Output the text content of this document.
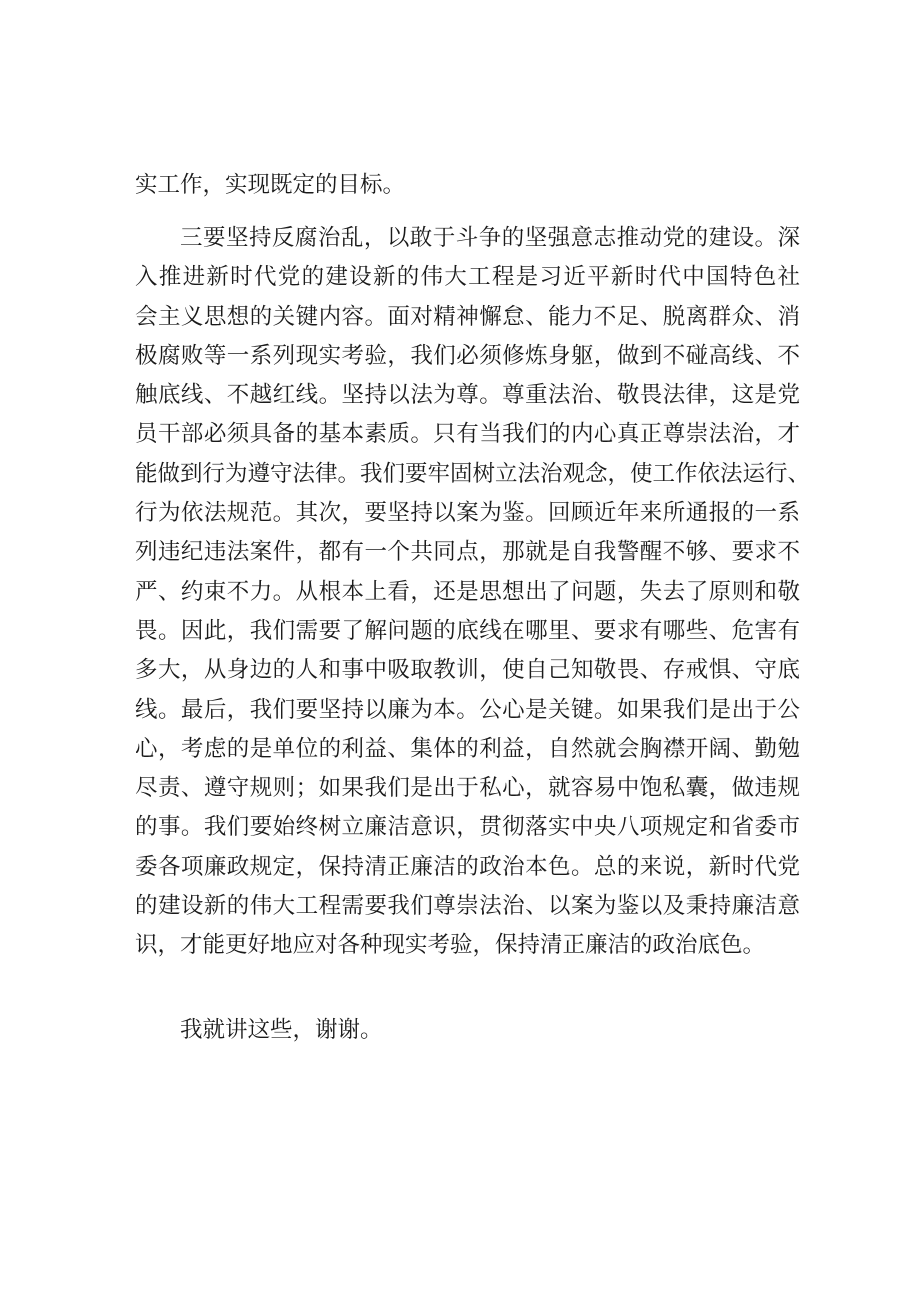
实工作，实现既定的目标。
三要坚持反腐治乱，以敢于斗争的坚强意志推动党的建设。深
入推进新时代党的建设新的伟大工程是习近平新时代中国特色社
会主义思想的关键内容。面对精神懈怠、能力不足、脱离群众、消
极腐败等一系列现实考验，我们必须修炼身躯，做到不碰高线、不
触底线、不越红线。坚持以法为尊。尊重法治、敬畏法律，这是党
员干部必须具备的基本素质。只有当我们的内心真正尊崇法治，才
能做到行为遵守法律。我们要牢固树立法治观念，使工作依法运行、
行为依法规范。其次，要坚持以案为鉴。回顾近年来所通报的一系
列违纪违法案件，都有一个共同点，那就是自我警醒不够、要求不
严、约束不力。从根本上看，还是思想出了问题，失去了原则和敬
畏。因此，我们需要了解问题的底线在哪里、要求有哪些、危害有
多大，从身边的人和事中吸取教训，使自己知敬畏、存戒惧、守底
线。最后，我们要坚持以廉为本。公心是关键。如果我们是出于公
心，考虑的是单位的利益、集体的利益，自然就会胸襟开阔、勤勉
尽责、遵守规则；如果我们是出于私心，就容易中饱私囊，做违规
的事。我们要始终树立廉洁意识，贯彻落实中央八项规定和省委市
委各项廉政规定，保持清正廉洁的政治本色。总的来说，新时代党
的建设新的伟大工程需要我们尊崇法治、以案为鉴以及秉持廉洁意
识，才能更好地应对各种现实考验，保持清正廉洁的政治底色。
我就讲这些，谢谢。
